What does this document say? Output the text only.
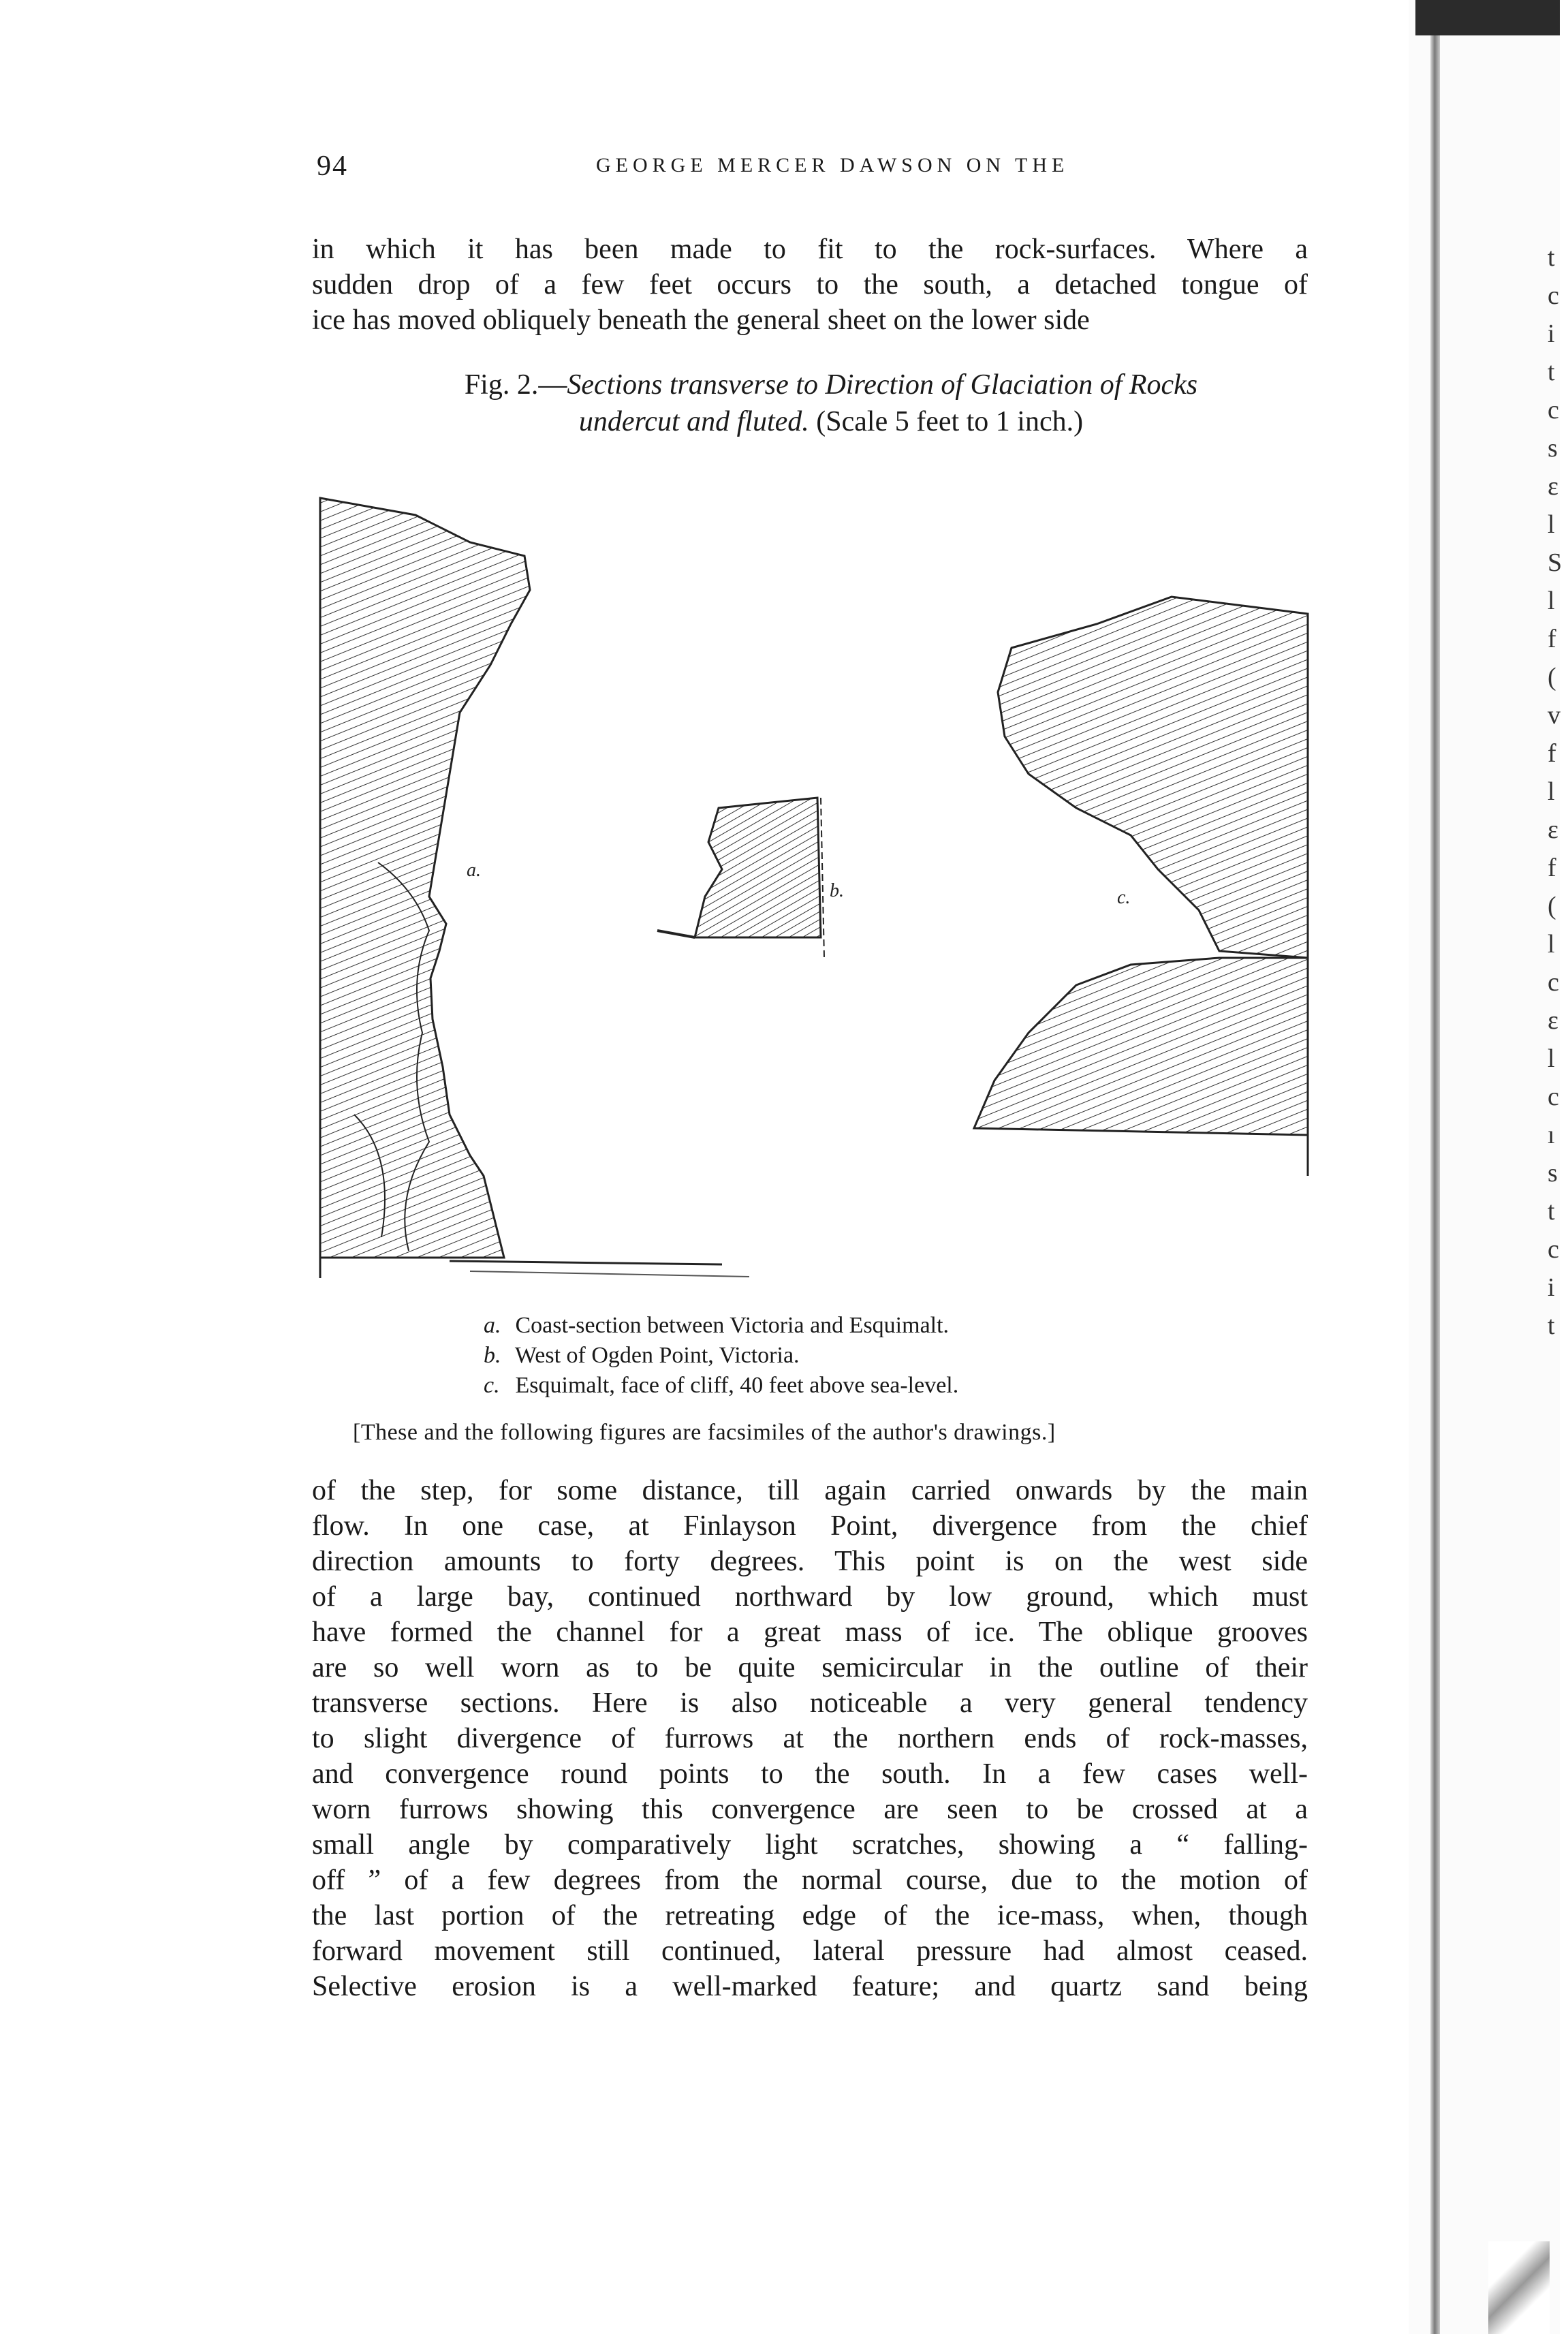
t
c
i
t
c
s
ε
l
S
l
f
(
v
f
l
ε
f
(
l
c
ε
l
c
ı
s
t
c
i
t
94	GEORGE MERCER DAWSON ON THE
in which it has been made to fit to the rock-surfaces. Where a
sudden drop of a few feet occurs to the south, a detached tongue of
ice has moved obliquely beneath the general sheet on the lower side
Fig. 2.—Sections transverse to Direction of Glaciation of Rocks
undercut and fluted. (Scale 5 feet to 1 inch.)
a.
b.	c.
a. Coast-section between Victoria and Esquimalt.
b. West of Ogden Point, Victoria.
c. Esquimalt, face of cliff, 40 feet above sea-level.
[These and the following figures are facsimiles of the author's drawings.]
of the step, for some distance, till again carried onwards by the main
flow. In one case, at Finlayson Point, divergence from the chief
direction amounts to forty degrees. This point is on the west side
of a large bay, continued northward by low ground, which must
have formed the channel for a great mass of ice. The oblique grooves
are so well worn as to be quite semicircular in the outline of their
transverse sections. Here is also noticeable a very general tendency
to slight divergence of furrows at the northern ends of rock-masses,
and convergence round points to the south. In a few cases well-
worn furrows showing this convergence are seen to be crossed at a
small angle by comparatively light scratches, showing a “ falling-
off ” of a few degrees from the normal course, due to the motion of
the last portion of the retreating edge of the ice-mass, when, though
forward movement still continued, lateral pressure had almost ceased.
Selective erosion is a well-marked feature; and quartz sand being
